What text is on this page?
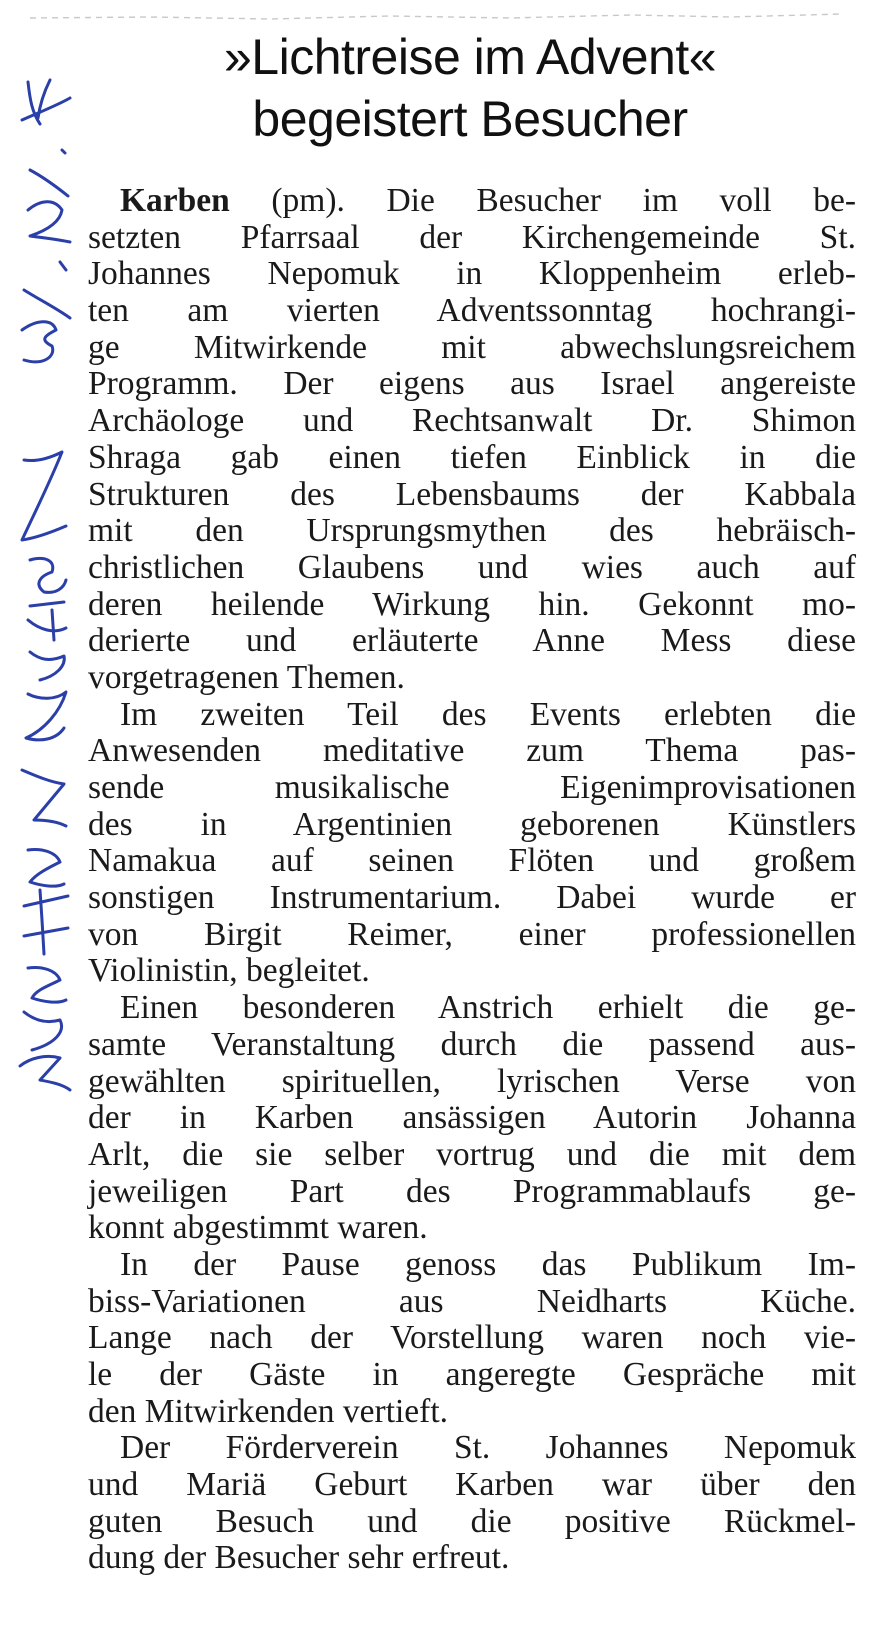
»Lichtreise im Advent«
begeistert Besucher
Karben (pm). Die Besucher im voll be-
setzten Pfarrsaal der Kirchengemeinde St.
Johannes Nepomuk in Kloppenheim erleb-
ten am vierten Adventssonntag hochrangi-
ge Mitwirkende mit abwechslungsreichem
Programm. Der eigens aus Israel angereiste
Archäologe und Rechtsanwalt Dr. Shimon
Shraga gab einen tiefen Einblick in die
Strukturen des Lebensbaums der Kabbala
mit den Ursprungsmythen des hebräisch-
christlichen Glaubens und wies auch auf
deren heilende Wirkung hin. Gekonnt mo-
derierte und erläuterte Anne Mess diese
vorgetragenen Themen.
Im zweiten Teil des Events erlebten die
Anwesenden meditative zum Thema pas-
sende musikalische Eigenimprovisationen
des in Argentinien geborenen Künstlers
Namakua auf seinen Flöten und großem
sonstigen Instrumentarium. Dabei wurde er
von Birgit Reimer, einer professionellen
Violinistin, begleitet.
Einen besonderen Anstrich erhielt die ge-
samte Veranstaltung durch die passend aus-
gewählten spirituellen, lyrischen Verse von
der in Karben ansässigen Autorin Johanna
Arlt, die sie selber vortrug und die mit dem
jeweiligen Part des Programmablaufs ge-
konnt abgestimmt waren.
In der Pause genoss das Publikum Im-
biss-Variationen aus Neidharts Küche.
Lange nach der Vorstellung waren noch vie-
le der Gäste in angeregte Gespräche mit
den Mitwirkenden vertieft.
Der Förderverein St. Johannes Nepomuk
und Mariä Geburt Karben war über den
guten Besuch und die positive Rückmel-
dung der Besucher sehr erfreut.
